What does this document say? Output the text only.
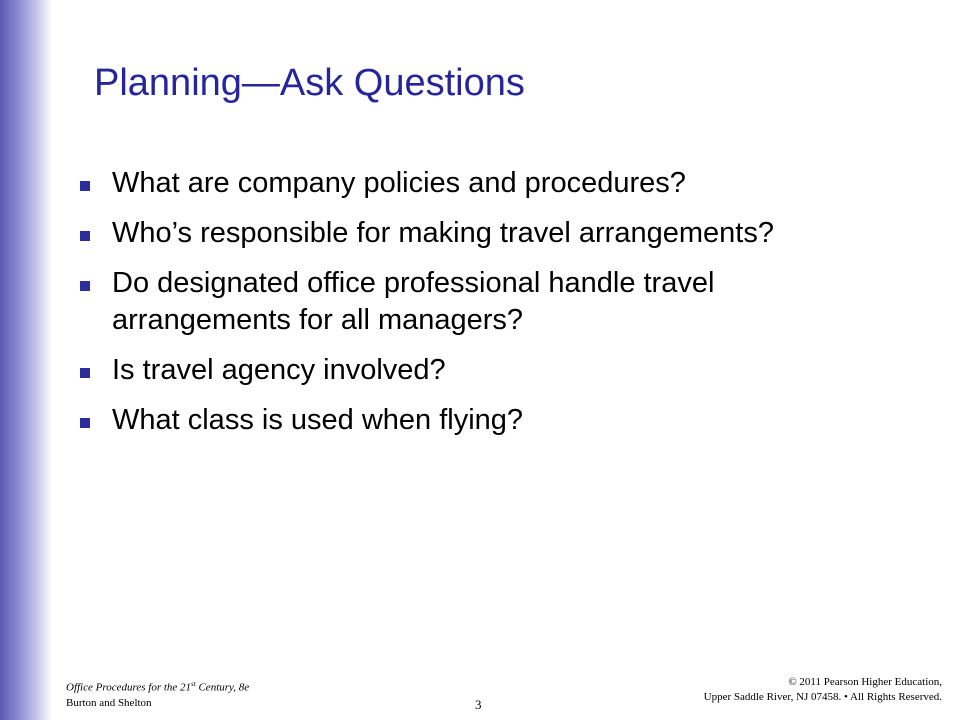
Planning—Ask Questions
What are company policies and procedures?
Who’s responsible for making travel arrangements?
Do designated office professional handle travel arrangements for all managers?
Is travel agency involved?
What class is used when flying?
Office Procedures for the 21st Century, 8e
Burton and Shelton	3
© 2011 Pearson Higher Education,
Upper Saddle River, NJ 07458. • All Rights Reserved.
